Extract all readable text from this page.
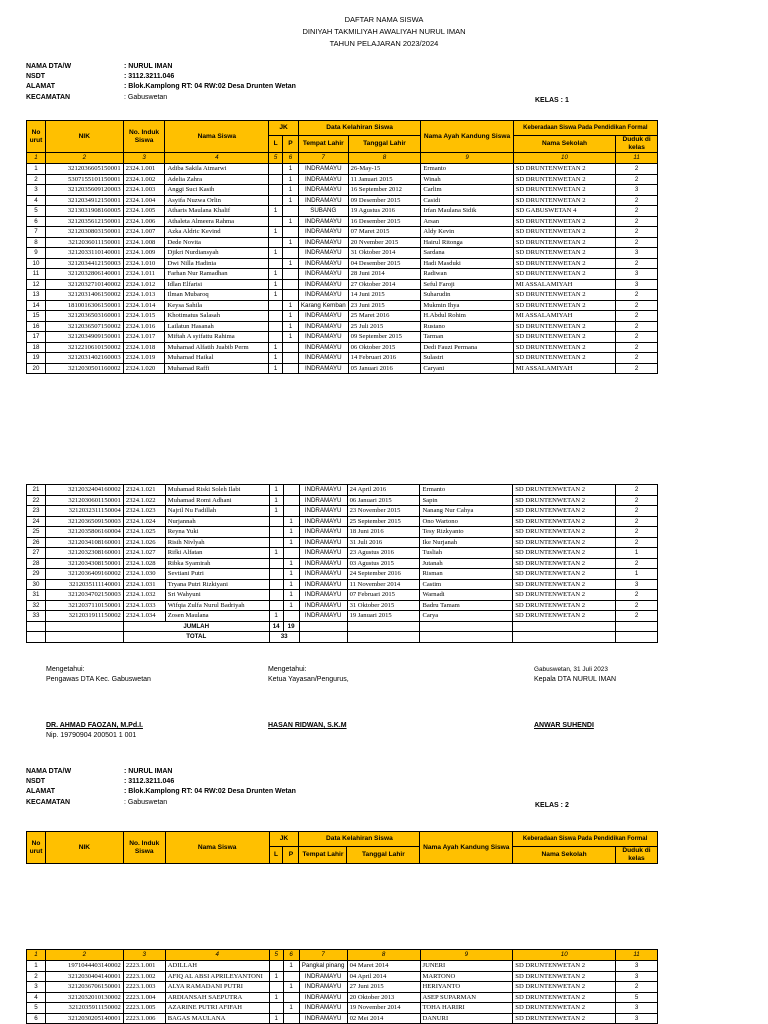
DAFTAR NAMA SISWA
DINIYAH TAKMILIYAH AWALIYAH NURUL IMAN
TAHUN PELAJARAN 2023/2024
NAMA DTA/W	: NURUL IMAN
NSDT	: 3112.3211.046
ALAMAT	: Blok.Kamplong RT: 04 RW:02 Desa Drunten Wetan
KECAMATAN	: Gabuswetan	KELAS : 1
No urut	NIK	No. Induk Siswa	Nama Siswa	JK		Data Kelahiran Siswa		Nama Ayah Kandung Siswa	Keberadaan Siswa Pada Pendidikan Formal	
				L	P	Tempat Lahir	Tanggal Lahir		Nama Sekolah	Duduk di kelas
1	2	3	4	5	6	7	8	9	10	11
1	3212036605150001	2324.1.001	Adiba Sakila Atmarwi		1	INDRAMAYU	26-May-15	Ermanto	SD DRUNTENWETAN 2	2
2	5307155101150001	2324.1.002	Adelia Zahra		1	INDRAMAYU	11 Januari 2015	Winah	SD DRUNTENWETAN 2	2
3	3212035609120003	2324.1.003	Anggi Suci Kasih		1	INDRAMAYU	16 September 2012	Carlim	SD DRUNTENWETAN 2	3
4	3212034912150001	2324.1.004	Asyifa Nuzwa Orlin		1	INDRAMAYU	09 Desember 2015	Casidi	SD DRUNTENWETAN 2	2
5	3213031908160005	2324.1.005	Atharis Maulana Khalif	1		SUBANG	19 Agustus 2016	Irfan Maulana Sidik	SD GABUSWETAN 4	2
6	3212035612150001	2324.1.006	Athaleta Almeera Rahma		1	INDRAMAYU	16 Desember 2015	Arsan	SD DRUNTENWETAN 2	2
7	3212030803150001	2324.1.007	Azka Aldric Kevind	1		INDRAMAYU	07 Maret 2015	Aldy Kevin	SD DRUNTENWETAN 2	2
8	3212036011150001	2324.1.008	Dede Novita		1	INDRAMAYU	20 Nvember 2015	Hairul Ritonga	SD DRUNTENWETAN 2	2
9	3212033110140001	2324.1.009	Djikri Nurdiansyah	1		INDRAMAYU	31 Oktober 2014	Sardana	SD DRUNTENWETAN 2	3
10	3212034412150003	2324.1.010	Dwi Nilla Hadinia		1	INDRAMAYU	04 Desember 2015	Hadi Masduki	SD DRUNTENWETAN 2	2
11	3212032806140001	2324.1.011	Farhan Nur Ramadhan	1		INDRAMAYU	28 Juni 2014	Radiwan	SD DRUNTENWETAN 2	3
12	3212032710140002	2324.1.012	Idlan Elfarisi	1		INDRAMAYU	27 Oktober 2014	Seful Faroji	MI ASSALAMIYAH	3
13	3212031406150002	2324.1.013	Ilman Mubaroq	1		INDRAMAYU	14 Juni 2015	Suharudin	SD DRUNTENWETAN 2	2
14	1810016306150001	2324.1.014	Keysa Sahila		1	Karang Kemban	23 Juni 2015	Mukmin Ihya	SD DRUNTENWETAN 2	2
15	3212036503160001	2324.1.015	Khotimatus Salasah		1	INDRAMAYU	25 Maret 2016	H.Abdul Rohim	MI ASSALAMIYAH	2
16	3212036507150002	2324.1.016	Lailatun Hasanah		1	INDRAMAYU	25 Juli 2015	Rustano	SD DRUNTENWETAN 2	2
17	3212034909150001	2324.1.017	Miftah A syifattu Rahima		1	INDRAMAYU	09 September 2015	Tarman	SD DRUNTENWETAN 2	2
18	3212210610150002	2324.1.018	Muhamad Alfatih Juabib Perm	1		INDRAMAYU	06 Oktober 2015	Dedi Fauzi Permana	SD DRUNTENWETAN 2	2
19	3212031402160003	2324.1.019	Muhamad Haikal	1		INDRAMAYU	14 Februari 2016	Sulastri	SD DRUNTENWETAN 2	2
20	3212030501160002	2324.1.020	Muhamad Raffi	1		INDRAMAYU	05 Januari 2016	Caryani	MI ASSALAMIYAH	2
21	3212032404160002	2324.1.021	Muhamad Riski Soleh Ilabi	1		INDRAMAYU	24 April 2016	Ermanto	SD DRUNTENWETAN 2	2
22	3212030601150001	2324.1.022	Muhamad Romi Adhani	1		INDRAMAYU	06 Januari 2015	Sapin	SD DRUNTENWETAN 2	2
23	3212032311150004	2324.1.023	Najril Nu Fadillah	1		INDRAMAYU	23 November 2015	Nanang Nur Cahya	SD DRUNTENWETAN 2	2
24	3212036509150003	2324.1.024	Nurjannah		1	INDRAMAYU	25 September 2015	Ono Wartono	SD DRUNTENWETAN 2	2
25	3212035806160004	2324.1.025	Reyna Yuki		1	INDRAMAYU	18 Juni 2016	Tesy Rizkyanto	SD DRUNTENWETAN 2	2
26	3212034108160001	2324.1.026	Risih Nivlyah		1	INDRAMAYU	31 Juli 2016	Ike Nurjanah	SD DRUNTENWETAN 2	2
27	3212032308160001	2324.1.027	Rifki Alfatan	1		INDRAMAYU	23 Agustus 2016	Tusliah	SD DRUNTENWETAN 2	1
28	3212034308150001	2324.1.028	Ribka Syamirah		1	INDRAMAYU	03 Agustus 2015	Jutanah	SD DRUNTENWETAN 2	2
29	3212036409160002	2324.1.030	Sevtiani Putri		1	INDRAMAYU	24 September 2016	Risman	SD DRUNTENWETAN 2	1
30	3212035111140001	2324.1.031	Tryana Putri Rizkiyani		1	INDRAMAYU	11 November 2014	Castim	SD DRUNTENWETAN 2	3
31	3212034702150003	2324.1.032	Sri Wahyuni		1	INDRAMAYU	07 Februari 2015	Warnadi	SD DRUNTENWETAN 2	2
32	3212037110150001	2324.1.033	Wifqia Zulfa Nurul Badriyah		1	INDRAMAYU	31 Oktober 2015	Badru Tamam	SD DRUNTENWETAN 2	2
33	3212031911150002	2324.1.034	Zosen Maulana	1		INDRAMAYU	19 Januari 2015	Carya	SD DRUNTENWETAN 2	2
		JUMLAH		14	19					
		TOTAL		33						
Mengetahui:
Pengawas DTA Kec. Gabuswetan
Mengetahui:
Ketua Yayasan/Pengurus,
Gabuswetan, 31 Juli 2023
Kepala DTA NURUL IMAN
DR. AHMAD FAOZAN, M.Pd.I.
Nip. 19790904 200501 1 001
HASAN RIDWAN, S.K.M	ANWAR SUHENDI
NAMA DTA/W	: NURUL IMAN
NSDT	: 3112.3211.046
ALAMAT	: Blok.Kamplong RT: 04 RW:02 Desa Drunten Wetan
KECAMATAN	: Gabuswetan	KELAS : 2
No urut	NIK	No. Induk Siswa	Nama Siswa	JK		Data Kelahiran Siswa		Nama Ayah Kandung Siswa	Keberadaan Siswa Pada Pendidikan Formal	
				L	P	Tempat Lahir	Tanggal Lahir		Nama Sekolah	Duduk di kelas
1	2	3	4	5	6	7	8	9	10	11
1	1971044403140002	2223.1.001	ADILLAH		1	Pangkal pinang	04 Maret 2014	JUNERI	SD DRUNTENWETAN 2	3
2	3212030404140001	2223.1.002	AFIQ AL ABSI APRILEYANTONI	1		INDRAMAYU	04 April 2014	MARTONO	SD DRUNTENWETAN 2	3
3	3212036706150001	2223.1.003	ALYA RAMADANI PUTRI		1	INDRAMAYU	27 Juni 2015	HERIYANTO	SD DRUNTENWETAN 2	2
4	3212032010130002	2223.1.004	ARDIANSAH SAEPUTRA	1		INDRAMAYU	20 Oktober 2013	ASEP SUPARMAN	SD DRUNTENWETAN 2	5
5	3212035911150002	2223.1.005	AZARINE PUTRI AFIFAH		1	INDRAMAYU	19 November 2014	TOHA HARIRI	SD DRUNTENWETAN 2	3
6	3212030205140001	2223.1.006	BAGAS MAULANA	1		INDRAMAYU	02 Mei 2014	DANURI	SD DRUNTENWETAN 2	3
